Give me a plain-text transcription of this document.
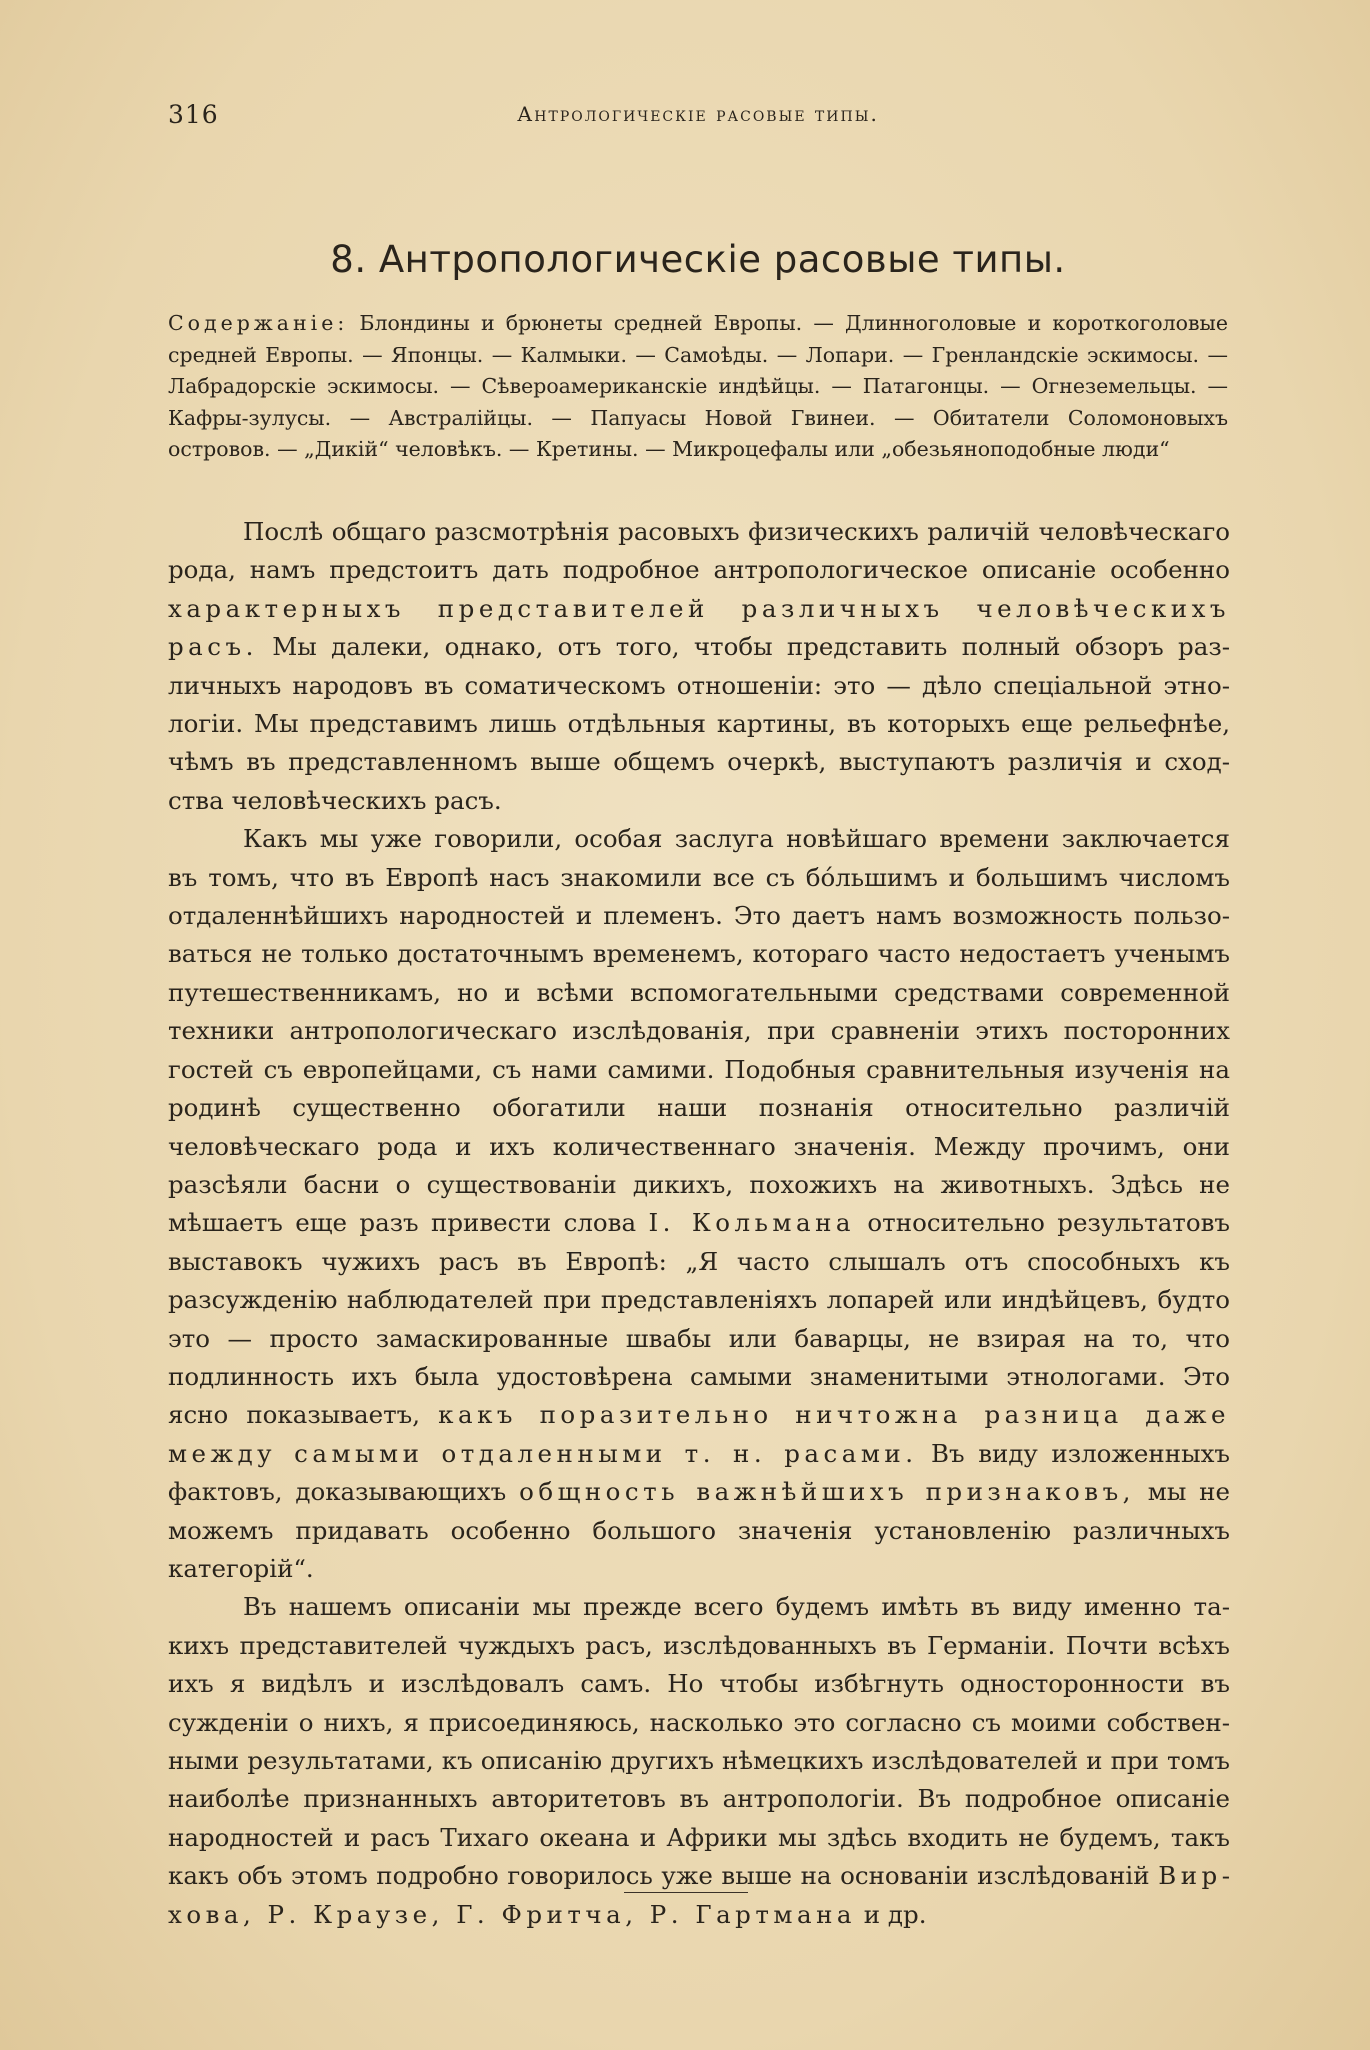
316	Антрологическiе расовые типы.
8. Антропологическiе расовые типы.
Содержанiе: Блондины и брюнеты средней Европы. — Длинноголовые и короткоголовые средней Европы. — Японцы. — Калмыки. — Самоѣды. — Лопари. — Гренландскiе эскимосы. — Лабрадорскiе эскимосы. — Сѣвероамериканскiе индѣйцы. — Патагонцы. — Огнеземельцы. — Кафры-зулусы. — Австралiйцы. — Папуасы Новой Гвинеи. — Обитатели Соломоновыхъ островов. — „Дикiй“ человѣкъ. — Кретины. — Микроцефалы или „обезьяноподобные люди“

Послѣ общаго разсмотрѣнiя расовыхъ физическихъ раличiй человѣческаго рода, намъ предстоитъ дать подробное антропологическое описанiе особенно характерныхъ представителей различныхъ человѣческихъ расъ. Мы далеки, однако, отъ того, чтобы представить полный обзоръ различныхъ народовъ въ соматическомъ отношенiи: это — дѣло спецiальной этнологiи. Мы представимъ лишь отдѣльныя картины, въ которыхъ еще рельефнѣе, чѣмъ въ представленномъ выше общемъ очеркѣ, выступаютъ различiя и сходства человѣческихъ расъ.

Какъ мы уже говорили, особая заслуга новѣйшаго времени заключается въ томъ, что въ Европѣ насъ знакомили все съ бóльшимъ и большимъ числомъ отдаленнѣйшихъ народностей и племенъ. Это даетъ намъ возможность пользоваться не только достаточнымъ временемъ, котораго часто недостаетъ ученымъ путешественникамъ, но и всѣми вспомогательными средствами современной техники антропологическаго изслѣдованiя, при сравненiи этихъ посторонних гостей съ европейцами, съ нами самими. Подобныя сравнительныя изученiя на родинѣ существенно обогатили наши познанiя относительно различiй человѣческаго рода и ихъ количественнаго значенiя. Между прочимъ, они разсѣяли басни о существованiи дикихъ, похожихъ на животныхъ. Здѣсь не мѣшаетъ еще разъ привести слова I. Кольмана относительно результатовъ выставокъ чужихъ расъ въ Европѣ: „Я часто слышалъ отъ способныхъ къ разсужденiю наблюдателей при представленiяхъ лопарей или индѣйцевъ, будто это — просто замаскированные швабы или баварцы, не взирая на то, что подлинность ихъ была удостовѣрена самыми знаменитыми этнологами. Это ясно показываетъ, какъ поразительно ничтожна разница даже между самыми отдаленными т. н. расами. Въ виду изложенныхъ фактовъ, доказывающихъ общность важнѣйшихъ признаковъ, мы не можемъ придавать особенно большого значенiя установленiю различныхъ категорiй“.

Въ нашемъ описанiи мы прежде всего будемъ имѣть въ виду именно такихъ представителей чуждыхъ расъ, изслѣдованныхъ въ Германiи. Почти всѣхъ ихъ я видѣлъ и изслѣдовалъ самъ. Но чтобы избѣгнуть односторонности въ сужденiи о нихъ, я присоединяюсь, насколько это согласно съ моими собственными результатами, къ описанiю другихъ нѣмецкихъ изслѣдователей и при томъ наиболѣе признанныхъ авторитетовъ въ антропологiи. Въ подробное описанiе народностей и расъ Тихаго океана и Африки мы здѣсь входить не будемъ, такъ какъ объ этомъ подробно говорилось уже выше на основанiи изслѣдованiй Вирхова, Р. Краузе, Г. Фритча, Р. Гартмана и др.
